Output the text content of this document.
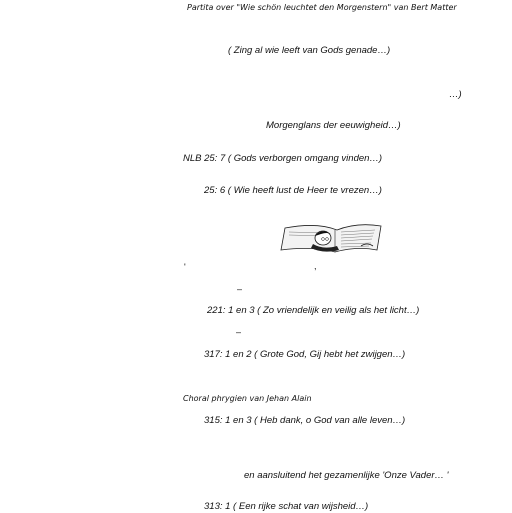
Partita over "Wie schön leuchtet den Morgenstern" van Bert Matter
( Zing al wie leeft van Gods genade…)
…)
Morgenglans der eeuwigheid…)
NLB 25: 7 ( Gods verborgen omgang vinden…)
25: 6 ( Wie heeft lust de Heer te vrezen…)
'	,
–
221: 1 en 3 ( Zo vriendelijk en veilig als het licht…)
–
317: 1 en 2 ( Grote God, Gij hebt het zwijgen…)
Choral phrygien van Jehan Alain
315: 1 en 3 ( Heb dank, o God van alle leven…)
en aansluitend het gezamenlijke 'Onze Vader… '
313: 1 ( Een rijke schat van wijsheid…)
